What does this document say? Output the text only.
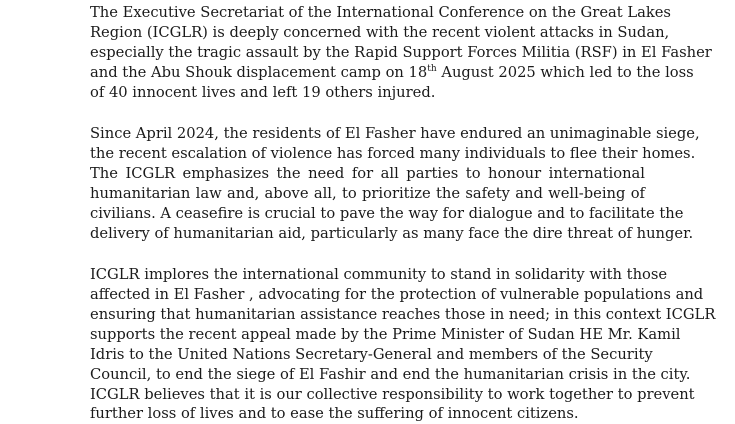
The Executive Secretariat of the International Conference on the Great Lakes
Region (ICGLR) is deeply concerned with the recent violent attacks in Sudan,
especially the tragic assault by the Rapid Support Forces Militia (RSF) in El Fasher
and the Abu Shouk displacement camp on 18th August 2025 which led to the loss
of 40 innocent lives and left 19 others injured.
Since April 2024, the residents of El Fasher have endured an unimaginable siege,
the recent escalation of violence has forced many individuals to flee their homes.
The ICGLR emphasizes the need for all parties to honour international
humanitarian law and, above all, to prioritize the safety and well-being of
civilians. A ceasefire is crucial to pave the way for dialogue and to facilitate the
delivery of humanitarian aid, particularly as many face the dire threat of hunger.
ICGLR implores the international community to stand in solidarity with those
affected in El Fasher , advocating for the protection of vulnerable populations and
ensuring that humanitarian assistance reaches those in need; in this context ICGLR
supports the recent appeal made by the Prime Minister of Sudan HE Mr. Kamil
Idris to the United Nations Secretary-General and members of the Security
Council, to end the siege of El Fashir and end the humanitarian crisis in the city.
ICGLR believes that it is our collective responsibility to work together to prevent
further loss of lives and to ease the suffering of innocent citizens.
